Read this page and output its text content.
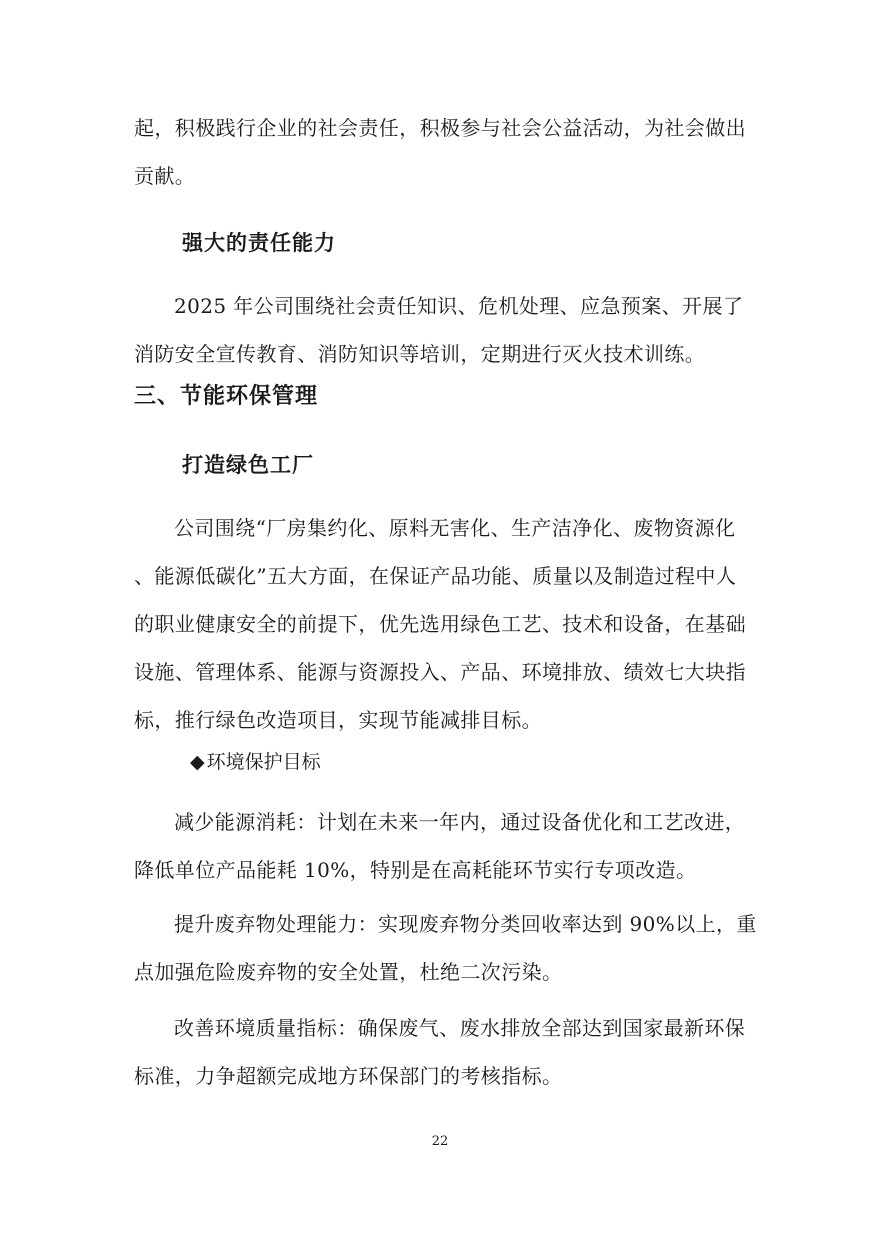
起，积极践行企业的社会责任，积极参与社会公益活动，为社会做出
贡献。
强大的责任能力
2025 年公司围绕社会责任知识、危机处理、应急预案、开展了
消防安全宣传教育、消防知识等培训，定期进行灭火技术训练。
三、节能环保管理
打造绿色工厂
公司围绕“厂房集约化、原料无害化、生产洁净化、废物资源化
、能源低碳化”五大方面，在保证产品功能、质量以及制造过程中人
的职业健康安全的前提下，优先选用绿色工艺、技术和设备，在基础
设施、管理体系、能源与资源投入、产品、环境排放、绩效七大块指
标，推行绿色改造项目，实现节能减排目标。
◆ 环境保护目标
减少能源消耗：计划在未来一年内，通过设备优化和工艺改进，
降低单位产品能耗 10%，特别是在高耗能环节实行专项改造。
提升废弃物处理能力：实现废弃物分类回收率达到 90%以上，重
点加强危险废弃物的安全处置，杜绝二次污染。
改善环境质量指标：确保废气、废水排放全部达到国家最新环保
标准，力争超额完成地方环保部门的考核指标。
22
